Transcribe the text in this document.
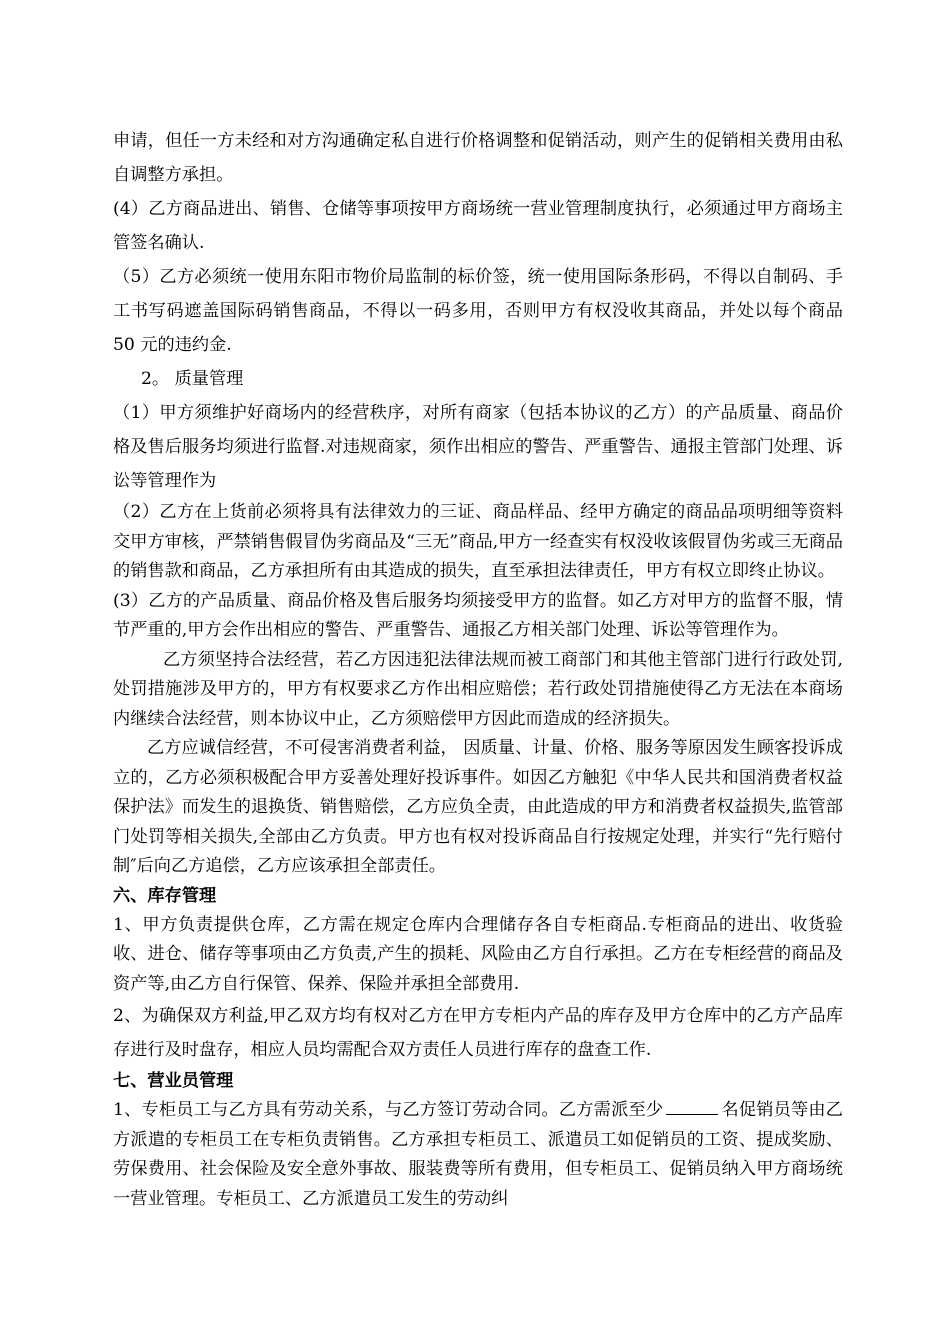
申请，但任一方未经和对方沟通确定私自进行价格调整和促销活动，则产生的促销相关费用由私自调整方承担。

(4）乙方商品进出、销售、仓储等事项按甲方商场统一营业管理制度执行，必须通过甲方商场主管签名确认.

（5）乙方必须统一使用东阳市物价局监制的标价签，统一使用国际条形码，不得以自制码、手工书写码遮盖国际码销售商品，不得以一码多用，否则甲方有权没收其商品，并处以每个商品 50 元的违约金.

2。 质量管理

（1）甲方须维护好商场内的经营秩序，对所有商家（包括本协议的乙方）的产品质量、商品价格及售后服务均须进行监督.对违规商家，须作出相应的警告、严重警告、通报主管部门处理、诉讼等管理作为

（2）乙方在上货前必须将具有法律效力的三证、商品样品、经甲方确定的商品品项明细等资料交甲方审核，严禁销售假冒伪劣商品及“三无”商品,甲方一经查实有权没收该假冒伪劣或三无商品的销售款和商品，乙方承担所有由其造成的损失，直至承担法律责任，甲方有权立即终止协议。

(3）乙方的产品质量、商品价格及售后服务均须接受甲方的监督。如乙方对甲方的监督不服，情节严重的,甲方会作出相应的警告、严重警告、通报乙方相关部门处理、诉讼等管理作为。

乙方须坚持合法经营，若乙方因违犯法律法规而被工商部门和其他主管部门进行行政处罚,处罚措施涉及甲方的，甲方有权要求乙方作出相应赔偿；若行政处罚措施使得乙方无法在本商场内继续合法经营，则本协议中止，乙方须赔偿甲方因此而造成的经济损失。

乙方应诚信经营，不可侵害消费者利益， 因质量、计量、价格、服务等原因发生顾客投诉成立的，乙方必须积极配合甲方妥善处理好投诉事件。如因乙方触犯《中华人民共和国消费者权益保护法》而发生的退换货、销售赔偿，乙方应负全责，由此造成的甲方和消费者权益损失,监管部门处罚等相关损失,全部由乙方负责。甲方也有权对投诉商品自行按规定处理，并实行“先行赔付制″后向乙方追偿，乙方应该承担全部责任。

六、库存管理

1、甲方负责提供仓库，乙方需在规定仓库内合理储存各自专柜商品.专柜商品的进出、收货验收、进仓、储存等事项由乙方负责,产生的损耗、风险由乙方自行承担。乙方在专柜经营的商品及资产等,由乙方自行保管、保养、保险并承担全部费用.

2、为确保双方利益,甲乙双方均有权对乙方在甲方专柜内产品的库存及甲方仓库中的乙方产品库存进行及时盘存，相应人员均需配合双方责任人员进行库存的盘查工作.

七、营业员管理

1、专柜员工与乙方具有劳动关系，与乙方签订劳动合同。乙方需派至少	名促销员等由乙方派遣的专柜员工在专柜负责销售。乙方承担专柜员工、派遣员工如促销员的工资、提成奖励、劳保费用、社会保险及安全意外事故、服装费等所有费用，但专柜员工、促销员纳入甲方商场统一营业管理。专柜员工、乙方派遣员工发生的劳动纠
